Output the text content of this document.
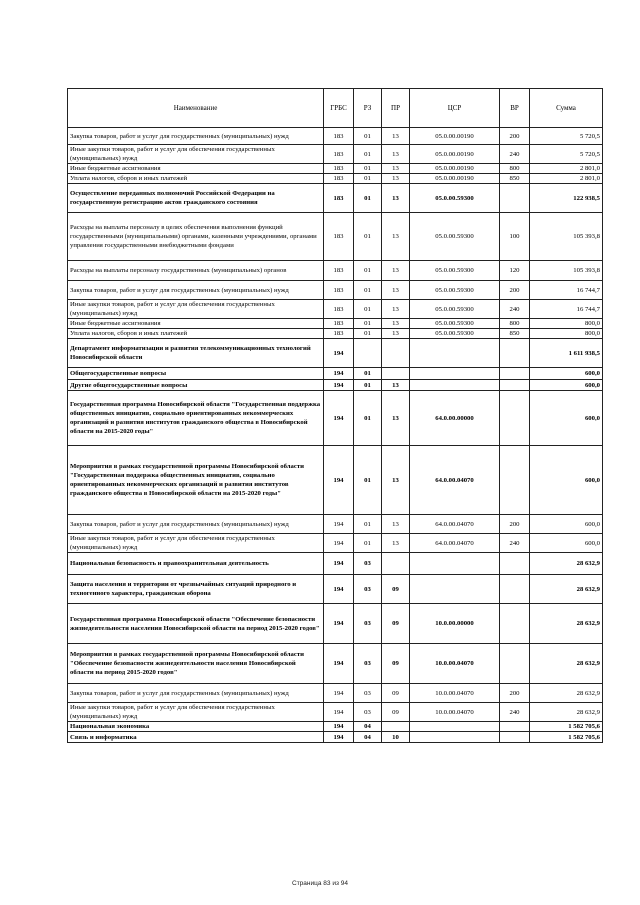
Наименование	ГРБС	РЗ	ПР	ЦСР	ВР	Сумма
Закупка товаров, работ и услуг для государственных (муниципальных) нужд	183	01	13	05.0.00.00190	200	5 720,5
Иные закупки товаров, работ и услуг для обеспечения государственных (муниципальных) нужд	183	01	13	05.0.00.00190	240	5 720,5
Иные бюджетные ассигнования	183	01	13	05.0.00.00190	800	2 801,0
Уплата налогов, сборов и иных платежей	183	01	13	05.0.00.00190	850	2 801,0
Осуществление переданных полномочий Российской Федерации на государственную регистрацию актов гражданского состояния	183	01	13	05.0.00.59300		122 938,5
Расходы на выплаты персоналу в целях обеспечения выполнения функций государственными (муниципальными) органами, казенными учреждениями, органами управления государственными внебюджетными фондами	183	01	13	05.0.00.59300	100	105 393,8
Расходы на выплаты персоналу государственных (муниципальных) органов	183	01	13	05.0.00.59300	120	105 393,8
Закупка товаров, работ и услуг для государственных (муниципальных) нужд	183	01	13	05.0.00.59300	200	16 744,7
Иные закупки товаров, работ и услуг для обеспечения государственных (муниципальных) нужд	183	01	13	05.0.00.59300	240	16 744,7
Иные бюджетные ассигнования	183	01	13	05.0.00.59300	800	800,0
Уплата налогов, сборов и иных платежей	183	01	13	05.0.00.59300	850	800,0
Департамент информатизации и развития телекоммуникационных технологий Новосибирской области	194					1 611 938,5
Общегосударственные вопросы	194	01				600,0
Другие общегосударственные вопросы	194	01	13			600,0
Государственная программа Новосибирской области "Государственная поддержка общественных инициатив, социально ориентированных некоммерческих организаций и развития институтов гражданского общества в Новосибирской области на 2015-2020 годы"	194	01	13	64.0.00.00000		600,0
Мероприятия в рамках государственной программы Новосибирской области "Государственная поддержка общественных инициатив, социально ориентированных некоммерческих организаций и развития институтов гражданского общества в Новосибирской области на 2015-2020 годы"	194	01	13	64.0.00.04070		600,0
Закупка товаров, работ и услуг для государственных (муниципальных) нужд	194	01	13	64.0.00.04070	200	600,0
Иные закупки товаров, работ и услуг для обеспечения государственных (муниципальных) нужд	194	01	13	64.0.00.04070	240	600,0
Национальная безопасность и правоохранительная деятельность	194	03				28 632,9
Защита населения и территории от чрезвычайных ситуаций природного и техногенного характера, гражданская оборона	194	03	09			28 632,9
Государственная программа Новосибирской области "Обеспечение безопасности жизнедеятельности населения Новосибирской области на период 2015-2020 годов"	194	03	09	10.0.00.00000		28 632,9
Мероприятия в рамках государственной программы Новосибирской области "Обеспечение безопасности жизнедеятельности населения Новосибирской области на период 2015-2020 годов"	194	03	09	10.0.00.04070		28 632,9
Закупка товаров, работ и услуг для государственных (муниципальных) нужд	194	03	09	10.0.00.04070	200	28 632,9
Иные закупки товаров, работ и услуг для обеспечения государственных (муниципальных) нужд	194	03	09	10.0.00.04070	240	28 632,9
Национальная экономика	194	04				1 582 705,6
Связь и информатика	194	04	10			1 582 705,6
Страница 83 из 94
